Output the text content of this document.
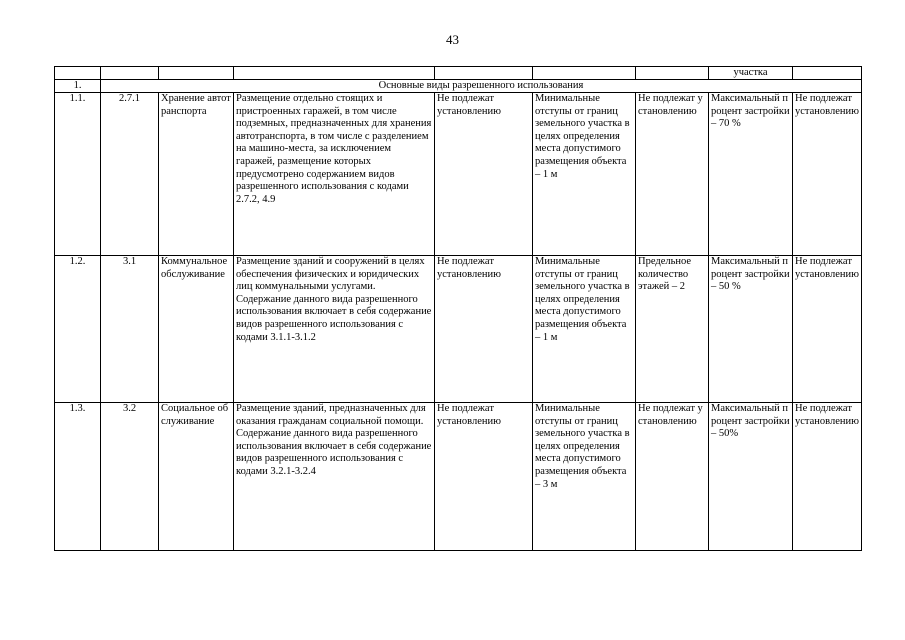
43
							участка	
1.	Основные виды разрешенного использования							
1.1.	2.7.1	Хранение автотранспорта	Размещение отдельно стоящих и пристроенных гаражей, в том числе подземных, предназначенных для хранения автотранспорта, в том числе с разделением на машино-места, за исключением гаражей, размещение которых предусмотрено содержанием видов разрешенного использования с кодами 2.7.2, 4.9	Не подлежат установлению	Минимальные отступы от границ земельного участка в целях определения места допустимого размещения объекта – 1 м	Не подлежат установлению	Максимальный процент застройки – 70 %	Не подлежат установлению
1.2.	3.1	Коммунальное обслуживание	Размещение зданий и сооружений в целях обеспечения физических и юридических лиц коммунальными услугами. Содержание данного вида разрешенного использования включает в себя содержание видов разрешенного использования с кодами 3.1.1-3.1.2	Не подлежат установлению	Минимальные отступы от границ земельного участка в целях определения места допустимого размещения объекта – 1 м	Предельное количество этажей – 2	Максимальный процент застройки – 50 %	Не подлежат установлению
1.3.	3.2	Социальное обслуживание	Размещение зданий, предназначенных для оказания гражданам социальной помощи. Содержание данного вида разрешенного использования включает в себя содержание видов разрешенного использования с кодами 3.2.1-3.2.4	Не подлежат установлению	Минимальные отступы от границ земельного участка в целях определения места допустимого размещения объекта – 3 м	Не подлежат установлению	Максимальный процент застройки – 50%	Не подлежат установлению
